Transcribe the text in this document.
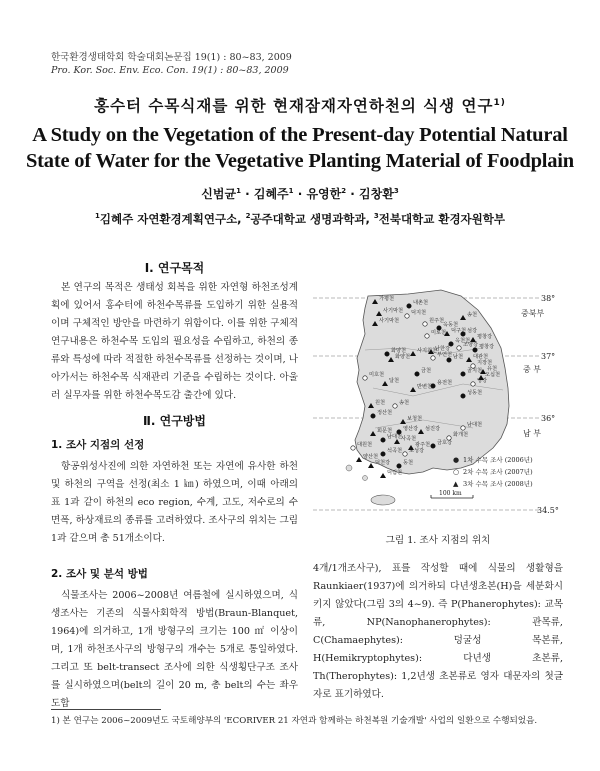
한국환경생태학회 학술대회논문집 19(1) : 80~83, 2009
Pro. Kor. Soc. Env. Eco. Con. 19(1) : 80~83, 2009
홍수터 수목식재를 위한 현재잠재자연하천의 식생 연구$^{1)}$
A Study on the Vegetation of the Present-day Potential Natural
State of Water for the Vegetative Planting Material of Foodplain
신범균$^1$ · 김혜주$^1$ · 유영한$^2$ · 김창환$^3$
$^1$김혜주 자연환경계획연구소, $^2$공주대학교 생명과학과, $^3$전북대학교 환경자원학부
Ⅰ. 연구목적
본 연구의 목적은 생태성 회복을 위한 자연형 하천조성계획에 있어서 홍수터에 하천수목류를 도입하기 위한 실용적이며 구체적인 방안을 마련하기 위함이다. 이를 위한 구체적 연구내용은 하천수목 도입의 필요성을 수립하고, 하천의 종류와 특성에 따라 적절한 하천수목류를 선정하는 것이며, 나아가서는 하천수목 식재관리 기준을 수립하는 것이다. 아울러 실무자를 위한 하천수목도감 출간에 있다.
Ⅱ. 연구방법
1. 조사 지점의 선정
항공위성사진에 의한 자연하천 또는 자연에 유사한 하천 및 하천의 구역을 선정(최소 1 ㎞) 하였으며, 이때 아래의 표 1과 같이 하천의 eco region, 수계, 고도, 저수로의 수면폭, 하상재료의 종류를 고려하였다. 조사구의 위치는 그림 1과 같으며 총 51개소이다.
2. 조사 및 분석 방법
식물조사는 2006~2008년 여름철에 실시하였으며, 식생조사는 기존의 식물사회학적 방법(Braun-Blanquet, 1964)에 의거하고, 1개 방형구의 크기는 100 ㎡ 이상이며, 1개 하천조사구의 방형구의 개수는 5개로 통일하였다. 그리고 또 belt-transect 조사에 의한 식생횡단구조 조사를 실시하였으며(belt의 길이 20 m, 총 belt의 수는 좌우도합
38°
37°
36°
34.5°
중북부
중 부
남 부
가평천
내촌천
사기막천 덕지천
사기막천	원주천
송천
옥동천
덕구천
미로천	섬강
평창강
옥천천
조양강
남한강
화양천 사지원천
부연천
평창강
화양천	남천 대관천
지장천
유천
골지천
오십천
미호천
금천
달천	용전천	영강
반변천
성동천
원천	송천
정산천
보청천
남대천
회문천 영산강 섬진강
화개천
남대천
사곡천
대원천	광주천 금호강
양산천
석곡천 보성강
덕천강 동천
덕림천
● 1차 수목 조사 (2006년)
○ 2차 수목 조사 (2007년)
▲ 3차 수목 조사 (2008년)
100 km
그림 1. 조사 지점의 위치
4개/1개조사구), 표를 작성할 때에 식물의 생활형을 Raunkiaer(1937)에 의거하되 다년생초본(H)을 세분화시키지 않았다(그림 3의 4~9). 즉 P(Phanerophytes): 교목류, NP(Nanophanerophytes): 관목류, C(Chamaephytes): 덩굴성 목본류, H(Hemikryptophytes): 다년생 초본류, Th(Therophytes): 1,2년생 초본류로 영자 대문자의 첫글자로 표기하였다.
1) 본 연구는 2006~2009년도 국토해양부의 'ECORIVER 21 자연과 함께하는 하천복원 기술개발' 사업의 일환으로 수행되었음.
